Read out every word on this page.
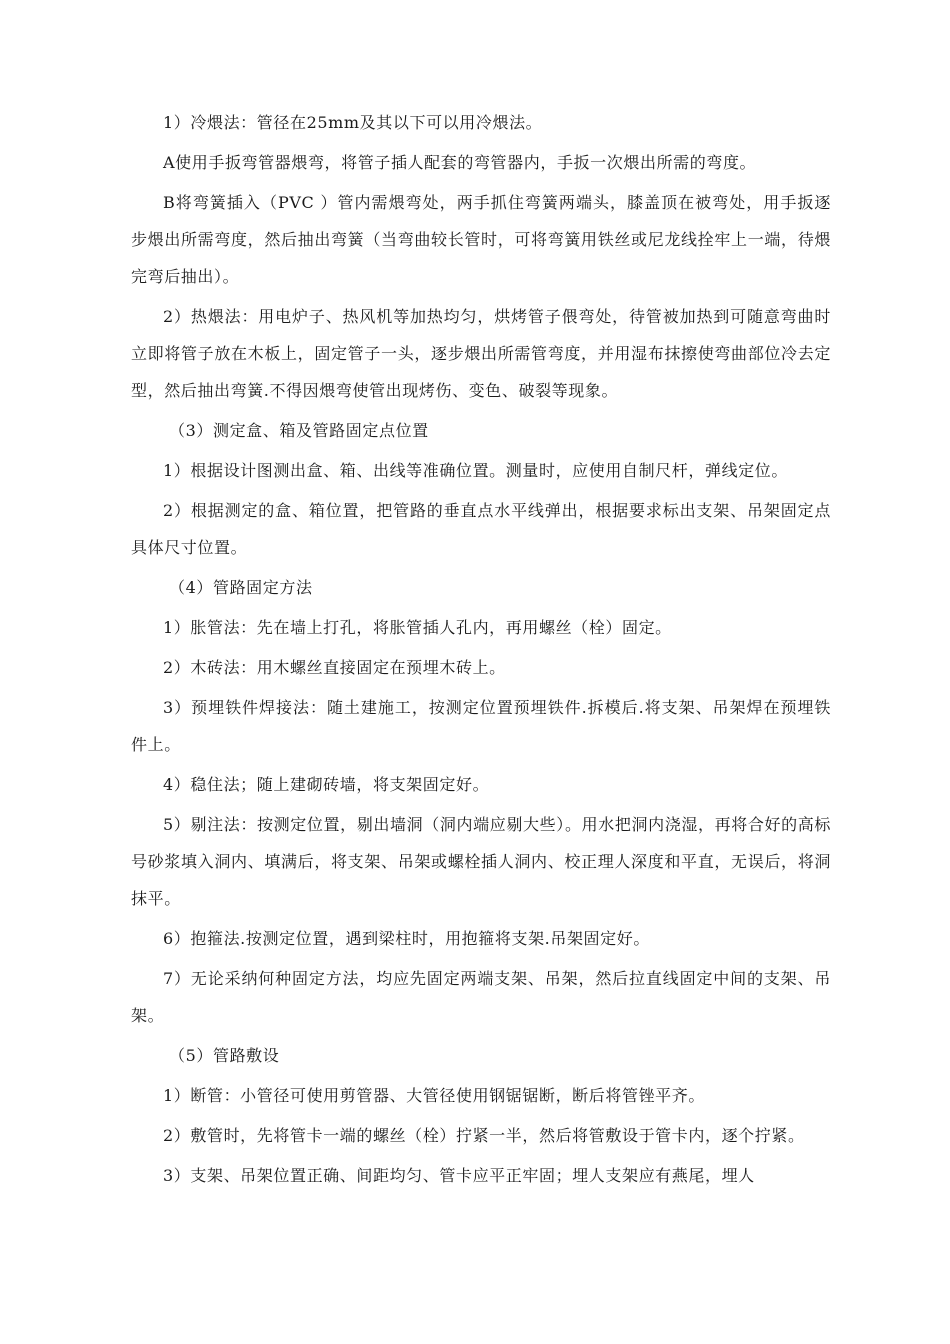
1）冷煨法：管径在25mm及其以下可以用冷煨法。

A使用手扳弯管器煨弯，将管子插人配套的弯管器内，手扳一次煨出所需的弯度。

B将弯簧插入（PVC ）管内需煨弯处，两手抓住弯簧两端头，膝盖顶在被弯处，用手扳逐步煨出所需弯度，然后抽出弯簧（当弯曲较长管时，可将弯簧用铁丝或尼龙线拴牢上一端，待煨完弯后抽出）。

2）热煨法：用电炉子、热风机等加热均匀，烘烤管子偎弯处，待管被加热到可随意弯曲时立即将管子放在木板上，固定管子一头，逐步煨出所需管弯度，并用湿布抹擦使弯曲部位冷去定型，然后抽出弯簧.不得因煨弯使管出现烤伤、变色、破裂等现象。

（3）测定盒、箱及管路固定点位置

1）根据设计图测出盒、箱、出线等准确位置。测量时，应使用自制尺杆，弹线定位。

2）根据测定的盒、箱位置，把管路的垂直点水平线弹出，根据要求标出支架、吊架固定点具体尺寸位置。

（4）管路固定方法

1）胀管法：先在墙上打孔，将胀管插人孔内，再用螺丝（栓）固定。

2）木砖法：用木螺丝直接固定在预埋木砖上。

3）预埋铁件焊接法：随土建施工，按测定位置预埋铁件.拆模后.将支架、吊架焊在预埋铁件上。

4）稳住法；随上建砌砖墙，将支架固定好。

5）剔注法：按测定位置，剔出墙洞（洞内端应剔大些）。用水把洞内浇湿，再将合好的高标号砂浆填入洞内、填满后，将支架、吊架或螺栓插人洞内、校正理人深度和平直，无误后，将洞抹平。

6）抱箍法.按测定位置，遇到梁柱时，用抱箍将支架.吊架固定好。

7）无论采纳何种固定方法，均应先固定两端支架、吊架，然后拉直线固定中间的支架、吊架。

（5）管路敷设

1）断管：小管径可使用剪管器、大管径使用钢锯锯断，断后将管锉平齐。

2）敷管时，先将管卡一端的螺丝（栓）拧紧一半，然后将管敷设于管卡内，逐个拧紧。

3）支架、吊架位置正确、间距均匀、管卡应平正牢固；埋人支架应有燕尾，埋人
